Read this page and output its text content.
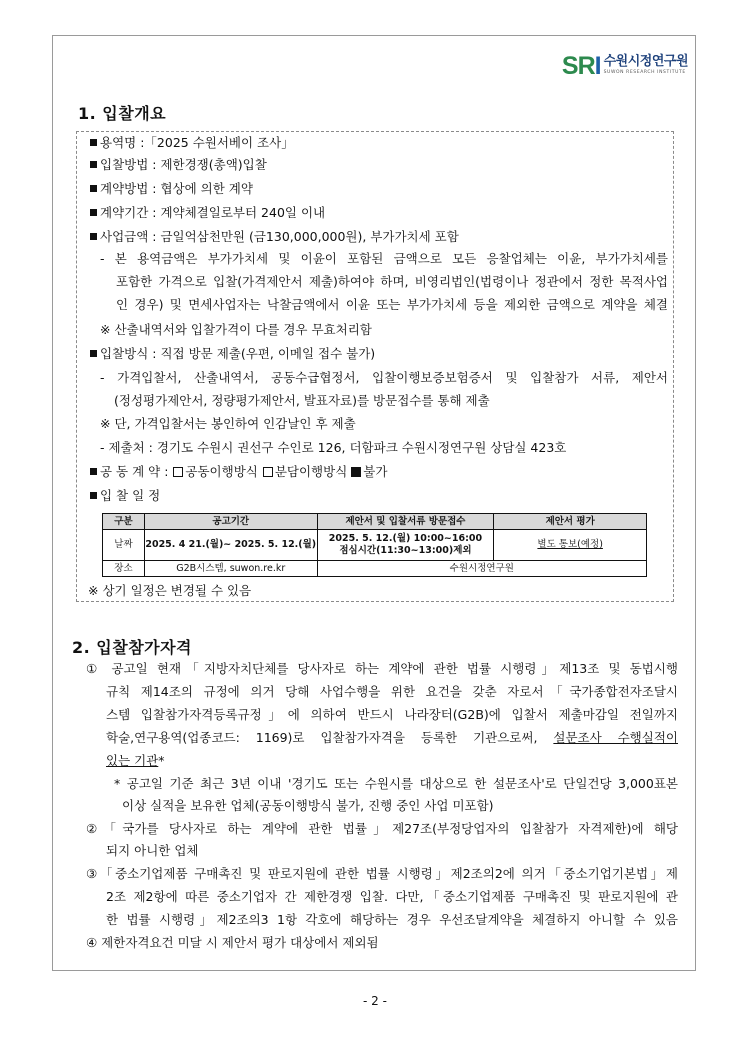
SRI 수원시정연구원
SUWON RESEARCH INSTITUTE
1. 입찰개요
용역명 :「2025 수원서베이 조사」
입찰방법 : 제한경쟁(총액)입찰
계약방법 : 협상에 의한 계약
계약기간 : 계약체결일로부터 240일 이내
사업금액 : 금일억삼천만원 (금130,000,000원), 부가가치세 포함
- 본 용역금액은 부가가치세 및 이윤이 포함된 금액으로 모든 응찰업체는 이윤, 부가가치세를
포함한 가격으로 입찰(가격제안서 제출)하여야 하며, 비영리법인(법령이나 정관에서 정한 목적사업
인 경우) 및 면세사업자는 낙찰금액에서 이윤 또는 부가가치세 등을 제외한 금액으로 계약을 체결
※ 산출내역서와 입찰가격이 다를 경우 무효처리함
입찰방식 : 직접 방문 제출(우편, 이메일 접수 불가)
- 가격입찰서, 산출내역서, 공동수급협정서, 입찰이행보증보험증서 및 입찰참가 서류, 제안서
(정성평가제안서, 정량평가제안서, 발표자료)를 방문접수를 통해 제출
※ 단, 가격입찰서는 봉인하여 인감날인 후 제출
- 제출처 : 경기도 수원시 권선구 수인로 126, 더함파크 수원시정연구원 상담실 423호
공 동 계 약 : 공동이행방식 분담이행방식 불가
입 찰 일 정
구분	공고기간	제안서 및 입찰서류 방문접수	제안서 평가
날짜	2025. 4 21.(월)~ 2025. 5. 12.(월)	2025. 5. 12.(월) 10:00~16:00
점심시간(11:30~13:00)제외	별도 통보(예정)
장소	G2B시스템, suwon.re.kr	수원시정연구원	
※ 상기 일정은 변경될 수 있음
2. 입찰참가자격
① 공고일 현재「지방자치단체를 당사자로 하는 계약에 관한 법률 시행령」제13조 및 동법시행
규칙 제14조의 규정에 의거 당해 사업수행을 위한 요건을 갖춘 자로서「국가종합전자조달시
스템 입찰참가자격등록규정」에 의하여 반드시 나라장터(G2B)에 입찰서 제출마감일 전일까지
학술,연구용역(업종코드: 1169)로 입찰참가자격을 등록한 기관으로써, 설문조사 수행실적이
있는 기관*
* 공고일 기준 최근 3년 이내 '경기도 또는 수원시를 대상으로 한 설문조사'로 단일건당 3,000표본
이상 실적을 보유한 업체(공동이행방식 불가, 진행 중인 사업 미포함)
②「국가를 당사자로 하는 계약에 관한 법률」제27조(부정당업자의 입찰참가 자격제한)에 해당
되지 아니한 업체
③「중소기업제품 구매촉진 및 판로지원에 관한 법률 시행령」제2조의2에 의거「중소기업기본법」제
2조 제2항에 따른 중소기업자 간 제한경쟁 입찰. 다만,「중소기업제품 구매촉진 및 판로지원에 관
한 법률 시행령」제2조의3 1항 각호에 해당하는 경우 우선조달계약을 체결하지 아니할 수 있음
④ 제한자격요건 미달 시 제안서 평가 대상에서 제외됨
- 2 -
